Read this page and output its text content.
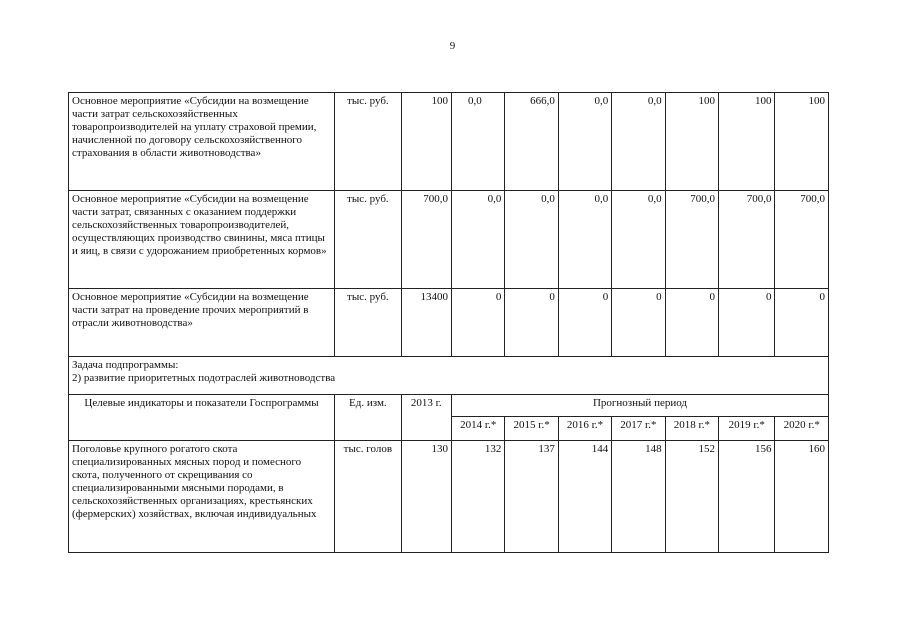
9
Основное мероприятие «Субсидии на возмещение части затрат сельскохозяйственных товаропроизводителей на уплату страховой премии, начисленной по договору сельскохозяйственного страхования в области животноводства»	тыс. руб.	100	0,0	666,0	0,0	0,0	100	100	100
Основное мероприятие «Субсидии на возмещение части затрат, связанных с оказанием поддержки сельскохозяйственных товаропроизводителей, осуществляющих производство свинины, мяса птицы и яиц, в связи с удорожанием приобретенных кормов»	тыс. руб.	700,0	0,0	0,0	0,0	0,0	700,0	700,0	700,0
Основное мероприятие «Субсидии на возмещение части затрат на проведение прочих мероприятий в отрасли животноводства»	тыс. руб.	13400	0	0	0	0	0	0	0

Задача подпрограммы:
2) развитие приоритетных подотраслей животноводства									

Целевые индикаторы и показатели Госпрограммы	Ед. изм.	2013 г.	Прогнозный период						
			2014 г.*	2015 г.*	2016 г.*	2017 г.*	2018 г.*	2019 г.*	2020 г.*
Поголовье крупного рогатого скота специализированных мясных пород и помесного скота, полученного от скрещивания со специализированными мясными породами, в сельскохозяйственных организациях, крестьянских (фермерских) хозяйствах, включая индивидуальных	тыс. голов	130	132	137	144	148	152	156	160
